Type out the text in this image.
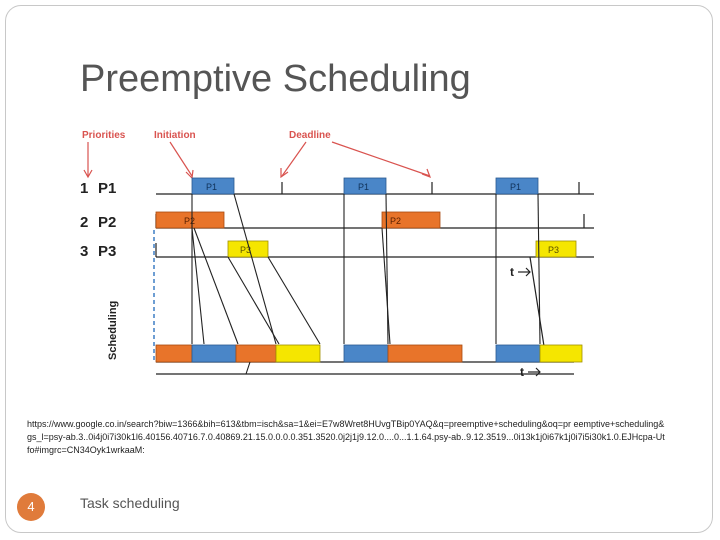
Preemptive Scheduling
Priorities	Initiation	Deadline
1 P1
2 P2
3 P3
P1	P1	P1
P2	P2
P3	P3
t
Scheduling
t
https://www.google.co.in/search?biw=1366&bih=613&tbm=isch&sa=1&ei=E7w8Wret8HUvgTBip0YAQ&q=preemptive+scheduling&oq=pr eemptive+scheduling&gs_l=psy-ab.3..0i4j0i7i30k1l6.40156.40716.7.0.40869.21.15.0.0.0.0.351.3520.0j2j1j9.12.0....0...1.1.64.psy-ab..9.12.3519...0i13k1j0i67k1j0i7i5i30k1.0.EJHcpa-Utfo#imgrc=CN34Oyk1wrkaaM:
4	Task scheduling
